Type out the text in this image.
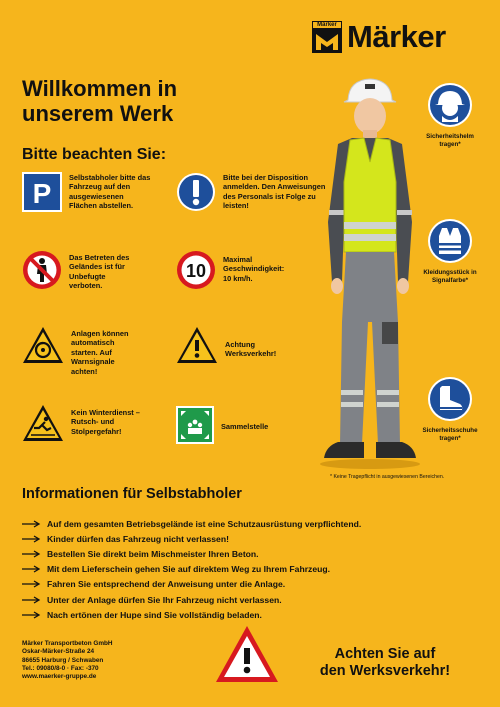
Märker Märker
Willkommen in unserem Werk
Bitte beachten Sie:
P
Selbstabholer bitte das Fahrzeug auf den ausgewiesenen Flächen abstellen.
Bitte bei der Disposition anmelden. Den Anweisungen des Personals ist Folge zu leisten!
Das Betreten des Geländes ist für Unbefugte verboten.
10
Maximal Geschwindigkeit: 10 km/h.
Anlagen können automatisch starten. Auf Warnsignale achten!
Achtung Werksverkehr!
Kein Winterdienst – Rutsch- und Stolpergefahr!
Sammelstelle
Sicherheitshelm tragen*
Kleidungsstück in Signalfarbe*
Sicherheitsschuhe tragen*
* Keine Tragepflicht in ausgewiesenen Bereichen.
Informationen für Selbstabholer
Auf dem gesamten Betriebsgelände ist eine Schutzausrüstung verpflichtend.
Kinder dürfen das Fahrzeug nicht verlassen!
Bestellen Sie direkt beim Mischmeister Ihren Beton.
Mit dem Lieferschein gehen Sie auf direktem Weg zu Ihrem Fahrzeug.
Fahren Sie entsprechend der Anweisung unter die Anlage.
Unter der Anlage dürfen Sie Ihr Fahrzeug nicht verlassen.
Nach ertönen der Hupe sind Sie vollständig beladen.
Märker Transportbeton GmbH
Oskar-Märker-Straße 24
86655 Harburg / Schwaben
Tel.: 09080/8-0 · Fax: -370
www.maerker-gruppe.de
Achten Sie auf
den Werksverkehr!
